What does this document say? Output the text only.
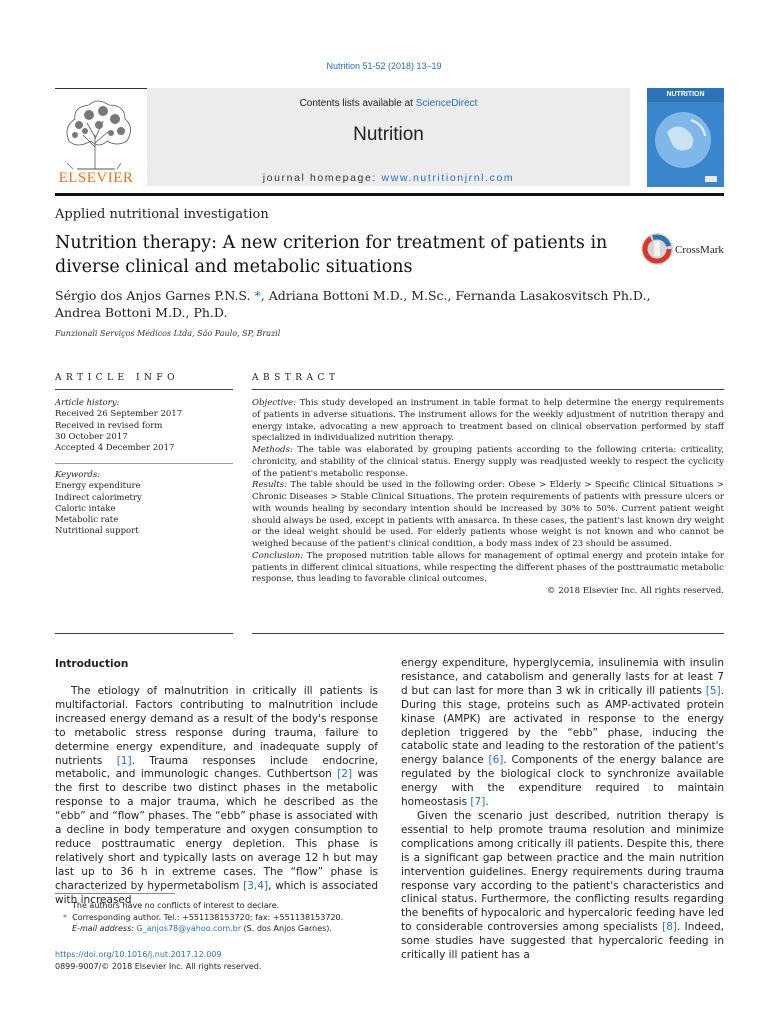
Nutrition 51-52 (2018) 13–19
ELSEVIER
Contents lists available at ScienceDirect
Nutrition
journal homepage: www.nutritionjrnl.com
NUTRITION
Applied nutritional investigation
Nutrition therapy: A new criterion for treatment of patients in
diverse clinical and metabolic situations
CrossMark
Sérgio dos Anjos Garnes P.N.S. *, Adriana Bottoni M.D., M.Sc., Fernanda Lasakosvitsch Ph.D.,
Andrea Bottoni M.D., Ph.D.
Funzionali Serviços Médicos Ltda, São Paulo, SP, Brazil
ARTICLE INFO
Article history:
Received 26 September 2017
Received in revised form
30 October 2017
Accepted 4 December 2017
Keywords:
Energy expenditure
Indirect calorimetry
Caloric intake
Metabolic rate
Nutritional support
ABSTRACT

Objective: This study developed an instrument in table format to help determine the energy requirements of patients in adverse situations. The instrument allows for the weekly adjustment of nutrition therapy and energy intake, advocating a new approach to treatment based on clinical observation performed by staff specialized in individualized nutrition therapy.

Methods: The table was elaborated by grouping patients according to the following criteria: criticality, chronicity, and stability of the clinical status. Energy supply was readjusted weekly to respect the cyclicity of the patient's metabolic response.

Results: The table should be used in the following order: Obese > Elderly > Specific Clinical Situations > Chronic Diseases > Stable Clinical Situations. The protein requirements of patients with pressure ulcers or with wounds healing by secondary intention should be increased by 30% to 50%. Current patient weight should always be used, except in patients with anasarca. In these cases, the patient's last known dry weight or the ideal weight should be used. For elderly patients whose weight is not known and who cannot be weighed because of the patient's clinical condition, a body mass index of 23 should be assumed.

Conclusion: The proposed nutrition table allows for management of optimal energy and protein intake for patients in different clinical situations, while respecting the different phases of the posttraumatic metabolic response, thus leading to favorable clinical outcomes.

© 2018 Elsevier Inc. All rights reserved.

Introduction

The etiology of malnutrition in critically ill patients is multifactorial. Factors contributing to malnutrition include increased energy demand as a result of the body's response to metabolic stress response during trauma, failure to determine energy expenditure, and inadequate supply of nutrients [1]. Trauma responses include endocrine, metabolic, and immunologic changes. Cuthbertson [2] was the first to describe two distinct phases in the metabolic response to a major trauma, which he described as the “ebb” and “flow” phases. The “ebb” phase is associated with a decline in body temperature and oxygen consumption to reduce posttraumatic energy depletion. This phase is relatively short and typically lasts on average 12 h but may last up to 36 h in extreme cases. The “flow” phase is characterized by hypermetabolism [3,4], which is associated with increased

energy expenditure, hyperglycemia, insulinemia with insulin resistance, and catabolism and generally lasts for at least 7 d but can last for more than 3 wk in critically ill patients [5]. During this stage, proteins such as AMP-activated protein kinase (AMPK) are activated in response to the energy depletion triggered by the “ebb” phase, inducing the catabolic state and leading to the restoration of the patient's energy balance [6]. Components of the energy balance are regulated by the biological clock to synchronize available energy with the expenditure required to maintain homeostasis [7].

Given the scenario just described, nutrition therapy is essential to help promote trauma resolution and minimize complications among critically ill patients. Despite this, there is a significant gap between practice and the main nutrition intervention guidelines. Energy requirements during trauma response vary according to the patient's characteristics and clinical status. Furthermore, the conflicting results regarding the benefits of hypocaloric and hypercaloric feeding have led to considerable controversies among specialists [8]. Indeed, some studies have suggested that hypercaloric feeding in critically ill patient has a

The authors have no conflicts of interest to declare.
* Corresponding author. Tel.: +551138153720; fax: +551138153720.
E-mail address: G_anjos78@yahoo.com.br (S. dos Anjos Garnes).
https://doi.org/10.1016/j.nut.2017.12.009
0899-9007/© 2018 Elsevier Inc. All rights reserved.
